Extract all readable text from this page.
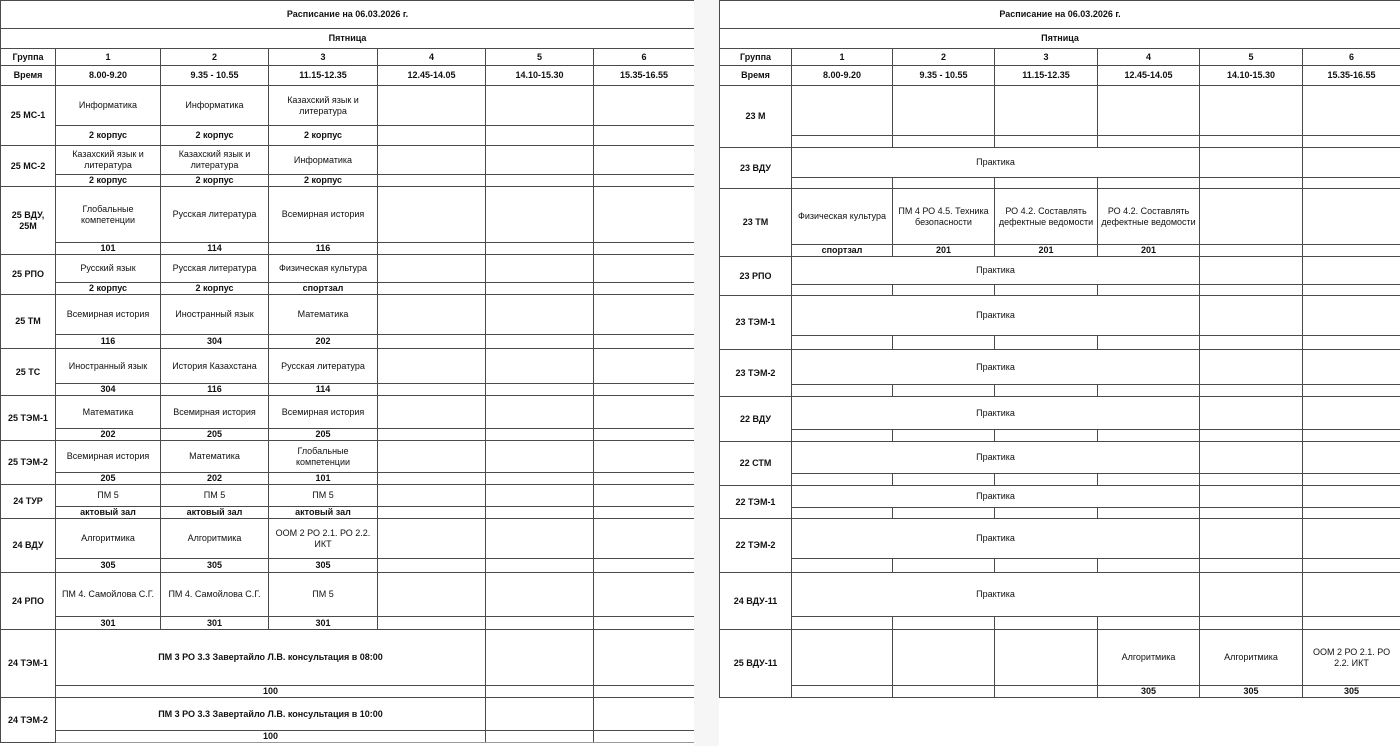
Расписание на 06.03.2026 г.						
Пятница						
Группа	1	2	3	4	5	6
Время	8.00-9.20	9.35 - 10.55	11.15-12.35	12.45-14.05	14.10-15.30	15.35-16.55
25 МС-1	Информатика	Информатика	Казахский язык и литература			
	2 корпус	2 корпус	2 корпус			
25 МС-2	Казахский язык и литература	Казахский язык и литература	Информатика			
	2 корпус	2 корпус	2 корпус			
25 ВДУ, 25М	Глобальные компетенции	Русская литература	Всемирная история			
	101	114	116			
25 РПО	Русский язык	Русская литература	Физическая культура			
	2 корпус	2 корпус	спортзал			
25 ТМ	Всемирная история	Иностранный язык	Математика			
	116	304	202			
25 ТС	Иностранный язык	История Казахстана	Русская литература			
	304	116	114			
25 ТЭМ-1	Математика	Всемирная история	Всемирная история			
	202	205	205			
25 ТЭМ-2	Всемирная история	Математика	Глобальные компетенции			
	205	202	101			
24 ТУР	ПМ 5	ПМ 5	ПМ 5			
	актовый зал	актовый зал	актовый зал			
24 ВДУ	Алгоритмика	Алгоритмика	ООМ 2 РО 2.1. РО 2.2. ИКТ			
	305	305	305			
24 РПО	ПМ 4. Самойлова С.Г.	ПМ 4. Самойлова С.Г.	ПМ 5			
	301	301	301			
24 ТЭМ-1	ПМ 3 РО 3.3 Завертайло Л.В. консультация в 08:00					
	100					
24 ТЭМ-2	ПМ 3 РО 3.3 Завертайло Л.В. консультация в 10:00					
	100					
Расписание на 06.03.2026 г.						
Пятница						
Группа	1	2	3	4	5	6
Время	8.00-9.20	9.35 - 10.55	11.15-12.35	12.45-14.05	14.10-15.30	15.35-16.55
23 М						

23 ВДУ	Практика					

23 ТМ	Физическая культура	ПМ 4 РО 4.5. Техника безопасности	РО 4.2. Составлять дефектные ведомости	РО 4.2. Составлять дефектные ведомости		
	спортзал	201	201	201		
23 РПО	Практика					

23 ТЭМ-1	Практика					

23 ТЭМ-2	Практика					

22 ВДУ	Практика					

22 СТМ	Практика					

22 ТЭМ-1	Практика					

22 ТЭМ-2	Практика					

24 ВДУ-11	Практика					

25 ВДУ-11				Алгоритмика	Алгоритмика	ООМ 2 РО 2.1. РО 2.2. ИКТ
				305	305	305
